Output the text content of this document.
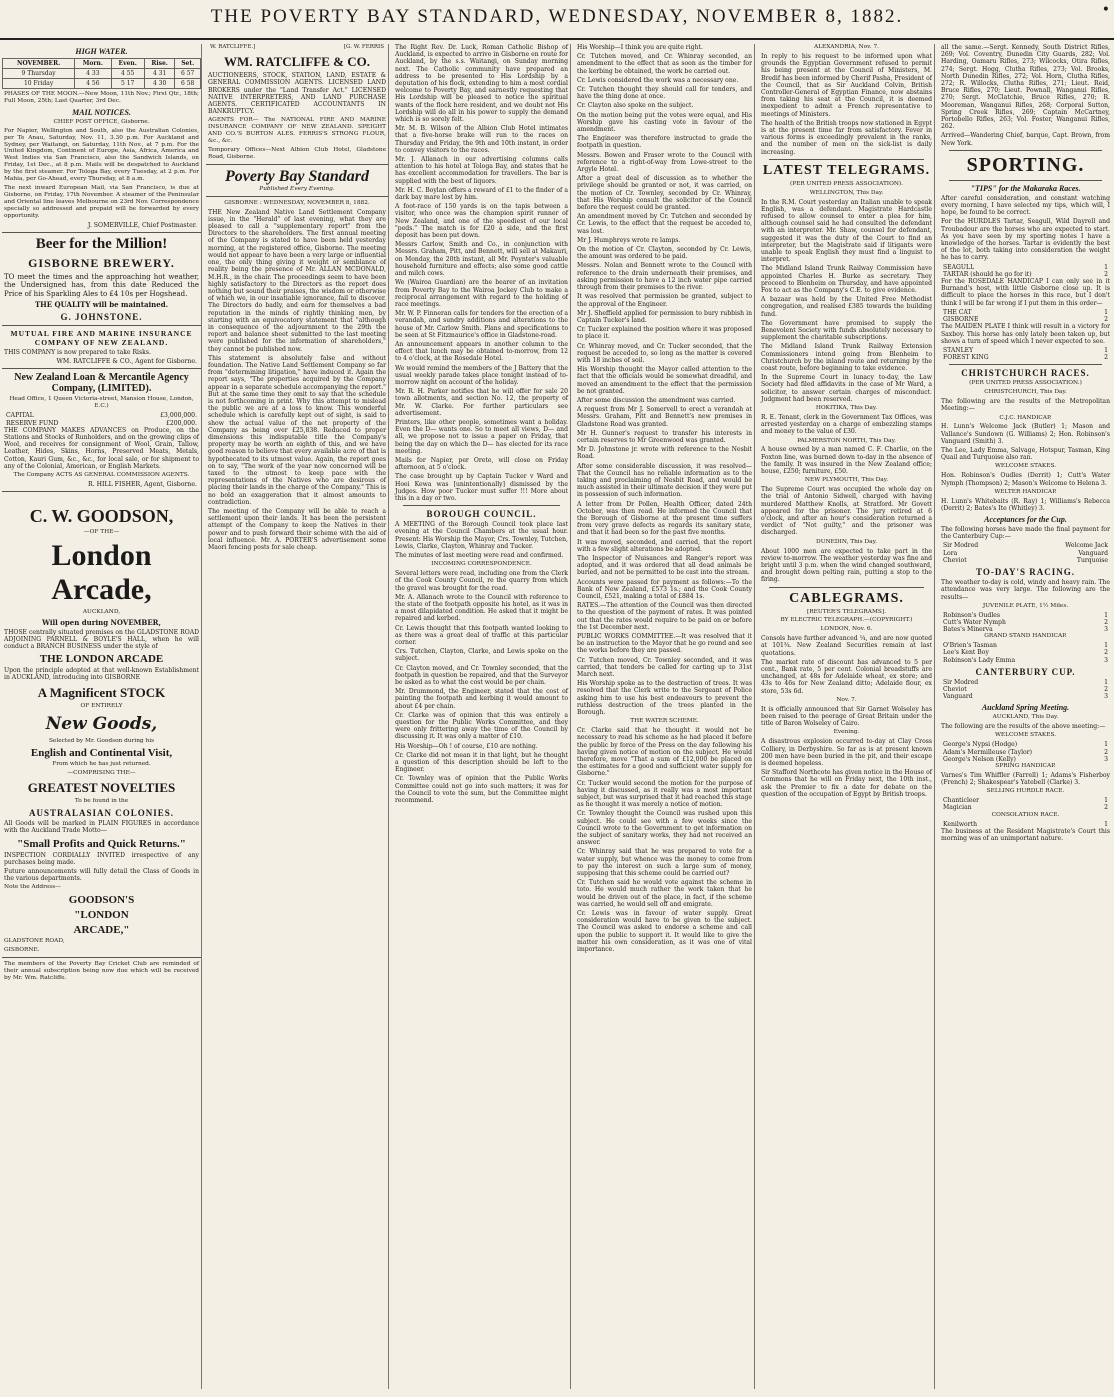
THE POVERTY BAY STANDARD, WEDNESDAY, NOVEMBER 8, 1882.	•
HIGH WATER.
NOVEMBER.	Morn.	Even.	Rise.	Set.
9 Thursday	4 33	4 55	4 31	6 57
10 Friday	4 56	5 17	4 30	6 58
PHASES OF THE MOON.—New Moon, 11th Nov.; First Qtr., 18th; Full Moon, 25th; Last Quarter, 3rd Dec.
MAIL NOTICES.
CHIEF POST OFFICE, Gisborne.
For Napier, Wellington and South, also the Australian Colonies, per Te Anau, Saturday, Nov. 11, 3.30 p.m. For Auckland and Sydney, per Waitangi, on Saturday, 11th Nov., at 7 p.m. For the United Kingdom, Continent of Europe, Asia, Africa, America and West Indies via San Francisco, also the Sandwich Islands, on Friday, 1st Dec., at 8 p.m. Mails will be despatched to Auckland by the first steamer. For Tologa Bay, every Tuesday, at 2 p.m. For Mahia, per Go-Ahead, every Thursday, at 8 a.m.
The next inward European Mail, via San Francisco, is due at Gisborne, on Friday, 17th November. A steamer of the Peninsular and Oriental line leaves Melbourne on 23rd Nov. Correspondence specially so addressed and prepaid will be forwarded by every opportunity.
J. SOMERVILLE, Chief Postmaster.
Beer for the Million!
GISBORNE BREWERY.
TO meet the times and the approaching hot weather, the Undersigned has, from this date Reduced the Price of his Sparkling Ales to £4 10s per Hogshead.
THE QUALITY will be maintained.
G. JOHNSTONE.
MUTUAL FIRE AND MARINE INSURANCE COMPANY OF NEW ZEALAND.
THIS COMPANY is now prepared to take Risks.
WM. RATCLIFFE & CO., Agent for Gisborne.
New Zealand Loan & Mercantile Agency Company, (LIMITED).
Head Office, 1 Queen Victoria-street, Mansion House, London, E.C.)
CAPITAL	£3,000,000.
RESERVE FUND	£200,000.
THE COMPANY MAKES ADVANCES on Produce, on the Stations and Stocks of Runholders, and on the growing clips of Wool, and receives for consignment of Wool, Grain, Tallow, Leather, Hides, Skins, Horns, Preserved Meats, Metals, Cotton, Kauri Gum, &c., &c., for local sale, or for shipment to any of the Colonial, American, or English Markets.
The Company ACTS AS GENERAL COMMISSION AGENTS.
R. HILL FISHER, Agent, Gisborne.
C. W. GOODSON,
—OF THE—
London Arcade,
AUCKLAND,
Will open during NOVEMBER,
THOSE centrally situated premises on the GLADSTONE ROAD ADJOINING PARNELL & BOYLE'S HALL, when he will conduct a BRANCH BUSINESS under the style of
THE LONDON ARCADE
Upon the principle adopted at that well-known Establishment in AUCKLAND, introducing into GISBORNE
A Magnificent STOCK
OF ENTIRELY
New Goods,
Selected by Mr. Goodson during his
English and Continental Visit,
From which he has just returned.
—COMPRISING THE—
GREATEST NOVELTIES
To be found in the
AUSTRALASIAN COLONIES.
All Goods will be marked in PLAIN FIGURES in accordance with the Auckland Trade Motto—
"Small Profits and Quick Returns."
INSPECTION CORDIALLY INVITED irrespective of any purchases being made.
Future announcements will fully detail the Class of Goods in the various departments.
Note the Address—
GOODSON'S
"LONDON
ARCADE,"
GLADSTONE ROAD,
GISBORNE.
The members of the Poverty Bay Cricket Club are reminded of their annual subscription being now due which will be received by Mr. Wm. Ratcliffe.
W. RATCLIFFE.]	[G. W. FERRIS
WM. RATCLIFFE & CO.
AUCTIONEERS, STOCK, STATION, LAND, ESTATE & GENERAL COMMISSION AGENTS. LICENSED LAND BROKERS under the "Land Transfer Act." LICENSED NATIVE INTERPRETERS, AND LAND PURCHASE AGENTS. CERTIFICATED ACCOUNTANTS IN BANKRUPTCY.
AGENTS FOR— The NATIONAL FIRE AND MARINE INSURANCE COMPANY OF NEW ZEALAND. SPEIGHT AND CO.'S BURTON ALES. FERRIS'S STRONG FLOUR, &c., &c.
Temporary Offices—Next Albion Club Hotel, Gladstone Road, Gisborne.
Poverty Bay Standard
Published Every Evening.
GISBORNE : WEDNESDAY, NOVEMBER 8, 1882.
THE New Zealand Native Land Settlement Company issue, in the "Herald" of last evening, what they are pleased to call a "supplementary report" from the Directors to the shareholders. The first annual meeting of the Company is stated to have been held yesterday morning, at the registered office, Gisborne. The meeting would not appear to have been a very large or influential one, the only thing giving it weight or semblance of reality being the presence of Mr. ALLAN MCDONALD, M.H.R., in the chair. The proceedings seem to have been highly satisfactory to the Directors as the report does nothing but sound their praises, the wisdom or otherwise of which we, in our insatiable ignorance, fail to discover. The Directors do badly, and earn for themselves a bad reputation in the minds of rightly thinking men, by starting with an equivocatory statement that "although in consequence of the adjournment to the 29th the report and balance sheet submitted to the last meeting were published for the information of shareholders," they cannot be published now.
This statement is absolutely false and without foundation. The Native Land Settlement Company so far from "determining litigation," have induced it. Again the report says, "The properties acquired by the Company appear in a separate schedule accompanying the report." But at the same time they omit to say that the schedule is not forthcoming in print. Why this attempt to mislead the public we are at a loss to know. This wonderful schedule which is carefully kept out of sight, is said to show the actual value of the net property of the Company as being over £25,838. Reduced to proper dimensions this indisputable title the Company's property may be worth an eighth of this, and we have good reason to believe that every available acre of that is hypothecated to its utmost value. Again, the report goes on to say, "The work of the year now concerned will be taxed to the utmost to keep pace with the representations of the Natives who are desirous of placing their lands in the charge of the Company." This is no bold an exaggeration that it almost amounts to contradiction.
The meeting of the Company will be able to reach a settlement upon their lands. It has been the persistent attempt of the Company to keep the Natives in their power and to push forward their scheme with the aid of local influence. Mr. A. PORTER'S advertisement some Maori fencing posts for sale cheap.
The Right Rev. Dr. Luck, Roman Catholic Bishop of Auckland, is expected to arrive in Gisborne en route for Auckland, by the s.s. Waitangi, on Sunday morning next. The Catholic community have prepared an address to be presented to His Lordship by a deputation of his flock, extending to him a most cordial welcome to Poverty Bay, and earnestly requesting that His Lordship will be pleased to notice the spiritual wants of the flock here resident, and we doubt not His Lordship will do all in his power to supply the demand which is so sorely felt.
Mr. M. B. Wilson of the Albion Club Hotel intimates that a five-horse brake will run to the races on Thursday and Friday, the 9th and 10th instant, in order to convey visitors to the races.
Mr. J. Allanach in our advertising columns calls attention to his hotel at Tologa Bay, and states that he has excellent accommodation for travellers. The bar is supplied with the best of liquors.
Mr. H. C. Boylan offers a reward of £1 to the finder of a dark bay mare lost by him.
A foot-race of 150 yards is on the tapis between a visitor, who once was the champion spirit runner of New Zealand, and one of the speediest of our local "peds." The match is for £20 a side, and the first deposit has been put down.
Messrs Carlow, Smith and Co., in conjunction with Messrs. Graham, Pitt, and Bennett, will sell at Makauri, on Monday, the 20th instant, all Mr. Poynter's valuable household furniture and effects; also some good cattle and milch cows.
We (Wairoa Guardian) are the bearer of an invitation from Poverty Bay to the Wairoa Jockey Club to make a reciprocal arrangement with regard to the holding of race meetings.
Mr. W. P. Finneran calls for tenders for the erection of a verandah, and sundry additions and alterations to the house of Mr. Carlow Smith. Plans and specifications to be seen at St Fitzmaurice's office in Gladstone-road.
An announcement appears in another column to the effect that lunch may be obtained to-morrow, from 12 to 4 o'clock, at the Rosedale Hotel.
We would remind the members of the J Battery that the usual weekly parade takes place tonight instead of to-morrow night on account of the holiday.
Mr. R. H. Parker notifies that he will offer for sale 20 town allotments, and section No. 12, the property of Mr. W. Clarke. For further particulars see advertisement.
Printers, like other people, sometimes want a holiday. Even the D— wants one. So to meet all views, D— and all, we propose not to issue a paper on Friday, that being the day on which the D— has elected for its race meeting.
Mails for Napier, per Orete, will close on Friday afternoon, at 5 o'clock.
The case brought up by Captain Tucker v Ward and Hoei Kewa was [unintentionally] dismissed by the Judges. How poor Tucker must suffer !!! More about this in a day or two.
BOROUGH COUNCIL.
A MEETING of the Borough Council took place last evening at the Council Chambers at the usual hour. Present: His Worship the Mayor, Crs. Townley, Tutchen, Lewis, Clarke, Clayton, Whinray and Tucker.
The minutes of last meeting were read and confirmed.
INCOMING CORRESPONDENCE.
Several letters were read, including one from the Clerk of the Cook County Council, re the quarry from which the gravel was brought for the road.
Mr. A. Allanach wrote to the Council with reference to the state of the footpath opposite his hotel, as it was in a most dilapidated condition. He asked that it might be repaired and kerbed.
Cr. Lewis thought that this footpath wanted looking to as there was a great deal of traffic at this particular corner.
Crs. Tutchen, Clayton, Clarke, and Lewis spoke on the subject.
Cr. Clayton moved, and Cr. Townley seconded, that the footpath in question be repaired, and that the Surveyor be asked as to what the cost would be per chain.
Mr. Drummond, the Engineer, stated that the cost of painting the footpath and kerbing it would amount to about £4 per chain.
Cr. Clarke was of opinion that this was entirely a question for the Public Works Committee, and they were only frittering away the time of the Council by discussing it. It was only a matter of £10.
His Worship—Oh ! of course, £10 are nothing.
Cr. Clarke did not mean it in that light, but he thought a question of this description should be left to the Engineer.
Cr. Townley was of opinion that the Public Works Committee could not go into such matters; it was for the Council to vote the sum, but the Committee might recommend.
His Worship—I think you are quite right.
Cr. Tutchen moved, and Cr. Whinray seconded, an amendment to the effect that as soon as the timber for the kerbing be obtained, the work be carried out.
Cr. Lewis considered the work was a necessary one.
Cr. Tutchen thought they should call for tenders, and have the thing done at once.
Cr. Clayton also spoke on the subject.
On the motion being put the votes were equal, and His Worship gave his casting vote in favour of the amendment.
The Engineer was therefore instructed to grade the footpath in question.
Messrs. Bowen and Fraser wrote to the Council with reference to a right-of-way from Lowe-street to the Argyle Hotel.
After a great deal of discussion as to whether the privilege should be granted or not, it was carried, on the motion of Cr. Townley, seconded by Cr. Whinray, that His Worship consult the solicitor of the Council before the request could be granted.
An amendment moved by Cr. Tutchen and seconded by Cr. Lewis, to the effect that the request be acceded to, was lost.
Mr J. Humphreys wrote re lamps.
On the motion of Cr. Clayton, seconded by Cr. Lewis, the amount was ordered to be paid.
Messrs. Nolan and Bennett wrote to the Council with reference to the drain underneath their premises, and asking permission to have a 12 inch water pipe carried through from their premises to the river.
It was resolved that permission be granted, subject to the approval of the Engineer.
Mr J. Sheffield applied for permission to bury rubbish in Captain Tucker's land.
Cr. Tucker explained the position where it was proposed to place it.
Cr. Whinray moved, and Cr. Tucker seconded, that the request be acceded to, so long as the matter is covered with 18 inches of soil.
His Worship thought the Mayor called attention to the fact that the officials would be somewhat dreadful, and moved an amendment to the effect that the permission be not granted.
After some discussion the amendment was carried.
A request from Mr J. Somervell to erect a verandah at Messrs. Graham, Pitt and Bennett's new premises in Gladstone Road was granted.
Mr H. Gunner's request to transfer his interests in certain reserves to Mr Greenwood was granted.
Mr D. Johnstone jr. wrote with reference to the Nesbit Road.
After some considerable discussion, it was resolved—That the Council has no reliable information as to the taking and proclaiming of Nesbit Road, and would be much assisted in their ultimate decision if they were put in possession of such information.
A letter from Dr Pollen, Health Officer, dated 24th October, was then read. He informed the Council that the Borough of Gisborne at the present time suffers from very grave defects as regards its sanitary state, and that it had been so for the past five months.
It was moved, seconded, and carried, that the report with a few slight alterations be adopted.
The Inspector of Nuisances and Ranger's report was adopted, and it was ordered that all dead animals be buried, and not be permitted to be cast into the stream.
Accounts were passed for payment as follows:—To the Bank of New Zealand, £573 1s.; and the Cook County Council, £521, making a total of £884 1s.
RATES.—The attention of the Council was then directed to the question of the payment of rates. It was pointed out that the rates would require to be paid on or before the 1st December next.
PUBLIC WORKS COMMITTEE.—It was resolved that it be an instruction to the Mayor that he go round and see the works before they are passed.
Cr. Tutchen moved, Cr. Townley seconded, and it was carried, that tenders be called for carting up to 31st March next.
His Worship spoke as to the destruction of trees. It was resolved that the Clerk write to the Sergeant of Police asking him to use his best endeavours to prevent the ruthless destruction of the trees planted in the Borough.
THE WATER SCHEME.
Cr. Clarke said that he thought it would not be necessary to read his scheme as he had placed it before the public by force of the Press on the day following his having given notice of motion on the subject. He would therefore, move "That a sum of £12,000 be placed on the estimates for a good and sufficient water supply for Gisborne."
Cr. Tucker would second the motion for the purpose of having it discussed, as it really was a most important subject, but was surprised that it had reached this stage as he thought it was merely a notice of motion.
Cr. Townley thought the Council was rushed upon this subject. He could see with a few weeks since the Council wrote to the Government to get information on the subject of sanitary works, they had not received an answer.
Cr. Whinray said that he was prepared to vote for a water supply, but whence was the money to come from to pay the interest on such a large sum of money, supposing that this scheme could be carried out?
Cr. Tutchen said he would vote against the scheme in toto. He would much rather the work taken that he would be driven out of the place, in fact, if the scheme was carried, he would sell off and emigrate.
Cr. Lewis was in favour of water supply. Great consideration would have to be given to the subject. The Council was asked to endorse a scheme and call upon the public to support it. It would like to give the matter his own consideration, as it was one of vital importance.
ALEXANDRIA, Nov. 7.
In reply to his request to be informed upon what grounds the Egyptian Government refused to permit his being present at the Council of Ministers, M. Bredif has been informed by Cherif Pasha, President of the Council, that as Sir Auckland Colvin, British Controller-General of Egyptian Finance, now abstains from taking his seat at the Council, it is deemed inexpedient to admit a French representative to meetings of Ministers.
The health of the British troops now stationed in Egypt is at the present time far from satisfactory. Fever in various forms is exceedingly prevalent in the ranks, and the number of men on the sick-list is daily increasing.
LATEST TELEGRAMS.
(PER UNITED PRESS ASSOCIATION).
WELLINGTON, This Day.
In the R.M. Court yesterday an Italian unable to speak English, was a defendant. Magistrate Hardcastle refused to allow counsel to enter a plea for him, although counsel said he had consulted the defendant with an interpreter. Mr. Shaw, counsel for defendant, suggested it was the duty of the Court to find an interpreter, but the Magistrate said if litigants were unable to speak English they must find a linguist to interpret.
The Midland Island Trunk Railway Commission have appointed Charles H. Burke as secretary. They proceed to Blenheim on Thursday, and have appointed Fox to act as the Company's C.E. to give evidence.
A bazaar was held by the United Free Methodist congregation, and realised £385 towards the building fund.
The Government have promised to supply the Benevolent Society with funds absolutely necessary to supplement the charitable subscriptions.
The Midland Island Trunk Railway Extension Commissioners intend going from Blenheim to Christchurch by the inland route and returning by the coast route, before beginning to take evidence.
In the Supreme Court in lunacy to-day, the Law Society had filed affidavits in the case of Mr Ward, a solicitor, to answer certain charges of misconduct. Judgment had been reserved.
HOKITIKA, This Day.
R. E. Tenant, clerk in the Government Tax Offices, was arrested yesterday on a charge of embezzling stamps and money to the value of £30.
PALMERSTON NORTH, This Day.
A house owned by a man named C. F. Charlie, on the Foxton line, was burned down to-day in the absence of the family. It was insured in the New Zealand office; house, £250; furniture, £50.
NEW PLYMOUTH, This Day.
The Supreme Court was occupied the whole day on the trial of Antonio Sidwell, charged with having murdered Matthew Knolls, at Stratford. Mr Govett appeared for the prisoner. The jury retired at 6 o'clock, and after an hour's consideration returned a verdict of "Not guilty," and the prisoner was discharged.
DUNEDIN, This Day.
About 1000 men are expected to take part in the review to-morrow. The weather yesterday was fine and bright until 3 p.m. when the wind changed southward, and brought down pelting rain, putting a stop to the firing.
CABLEGRAMS.
[REUTER'S TELEGRAMS].
BY ELECTRIC TELEGRAPH.—(COPYRIGHT.)
LONDON, Nov. 6.
Consols have further advanced ¼, and are now quoted at 101¾. New Zealand Securities remain at last quotations.
The market rate of discount has advanced to 5 per cent., Bank rate, 5 per cent. Colonial breadstuffs are unchanged, at 48s for Adelaide wheat, ex store; and 43s to 46s for New Zealand ditto; Adelaide flour, ex store, 53s 6d.
Nov. 7.
It is officially announced that Sir Garnet Wolseley has been raised to the peerage of Great Britain under the title of Baron Wolseley of Cairo.
Evening.
A disastrous explosion occurred to-day at Clay Cross Colliery, in Derbyshire. So far as is at present known 200 men have been buried in the pit, and their escape is deemed hopeless.
Sir Stafford Northcote has given notice in the House of Commons that he will on Friday next, the 10th inst., ask the Premier to fix a date for debate on the question of the occupation of Egypt by British troops.
all the same.—Sergt. Kennedy, South District Rifles, 269; Vol. Coventry, Dunedin City Guards, 282; Vol. Harding, Oamaru Rifles, 273; Wilcocks, Otira Rifles, 274; Sergt. Hogg, Clutha Rifles, 273; Vol. Brooks, North Dunedin Rifles, 272; Vol. Horn, Clutha Rifles, 272; R. Willocks, Clutha Rifles, 271; Lieut. Reid, Bruce Rifles, 270; Lieut. Pownall, Wanganui Rifles, 270; Sergt. McClatchie, Bruce Rifles, 270; R. Mooreman, Wanganui Rifles, 268; Corporal Sutton, Spring Creek Rifles, 269; Captain McCartney, Portobello Rifles, 263; Vol. Foster, Wanganui Rifles, 262.
Arrived—Wandering Chief, barque, Capt. Brown, from New York.
SPORTING.
"TIPS" for the Makaraka Races.
After careful consideration, and constant watching every morning, I have selected my tips, which will, I hope, be found to be correct.
For the HURDLES Tartar, Seagull, Wild Dayrell and Troubadour are the horses who are expected to start. As you have seen by my sporting notes I have a knowledge of the horses. Tartar is evidently the best of the lot, both taking into consideration the weight he has to carry.
SEAGULL	1
TARTAR (should he go for it)	2
For the ROSEDALE HANDICAP I can only see in it Burnand's host, with little Gisborne close up. It is difficult to place the horses in this race, but I don't think I will be far wrong if I put them in this order—
THE CAT	1
GISBORNE	2
The MAIDEN PLATE I think will result in a victory for Saxboy. This horse has only lately been taken up, but shows a turn of speed which I never expected to see.
STANLEY	1
FOREST KING	2
CHRISTCHURCH RACES.
(PER UNITED PRESS ASSOCIATION.)
CHRISTCHURCH, This Day.
The following are the results of the Metropolitan Meeting:—
C.J.C. HANDICAP.
H. Lunn's Welcome Jack (Butler) 1; Mason and Vallance's Sundown (G. Williams) 2; Hon. Robinson's Vanguard (Smith) 3.
The Lee, Lady Emma, Salvage, Hotspur, Tasman, King Quail and Turquoise also ran.
WELCOME STAKES.
Hon. Robinson's Oudles (Derrit) 1; Cutt's Water Nymph (Thompson) 2; Mason's Welcome to Helena 3.
WELTER HANDICAP.
H. Lunn's Whitebaits (R. Ray) 1; Williams's Rebecca (Derrit) 2; Bates's Ite (Whitley) 3.
Acceptances for the Cup.
The following horses have made the final payment for the Canterbury Cup:—
Sir Modred	Welcome Jack
Lora	Vanguard
Cheviot	Turquoise
TO-DAY'S RACING.
The weather to-day is cold, windy and heavy rain. The attendance was very large. The following are the results—
JUVENILE PLATE, 1½ Miles.
Robinson's Oudles	1
Cutt's Water Nymph	2
Bates's Minerva	3
GRAND STAND HANDICAP.
O'Brien's Tasman	1
Lee's Kent Boy	2
Robinson's Lady Emma	3
CANTERBURY CUP.
Sir Modred	1
Cheviot	2
Vanguard	3
Auckland Spring Meeting.
AUCKLAND, This Day.
The following are the results of the above meeting:—
WELCOME STAKES.
George's Nypsi (Hodge)	1
Adam's Mermilleuse (Taylor)	2
George's Nelson (Kelly)	3
SPRING HANDICAP.
Varnes's Tim Whiffler (Farrell) 1; Adams's Fisherboy (French) 2; Shakespear's Yatebell (Clarke) 3.
SELLING HURDLE RACE.
Chanticleer	1
Magician	2
CONSOLATION RACE.
Kenilworth	1
The business at the Resident Magistrate's Court this morning was of an unimportant nature.
